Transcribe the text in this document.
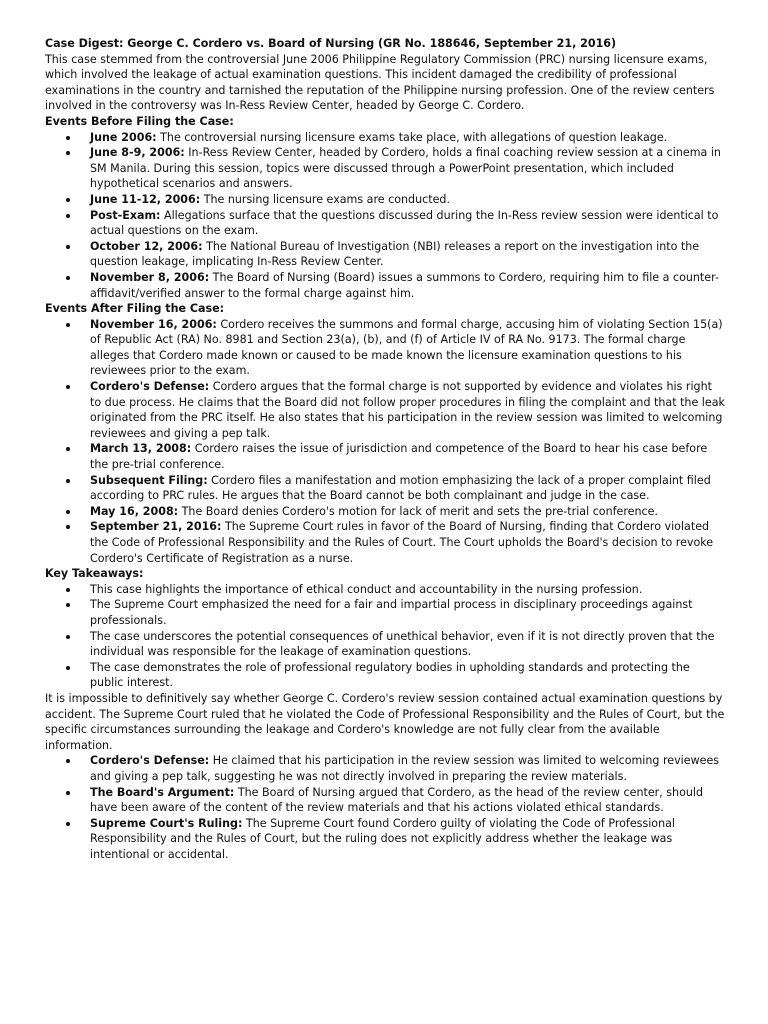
Case Digest: George C. Cordero vs. Board of Nursing (GR No. 188646, September 21, 2016)

This case stemmed from the controversial June 2006 Philippine Regulatory Commission (PRC) nursing licensure exams, which involved the leakage of actual examination questions. This incident damaged the credibility of professional examinations in the country and tarnished the reputation of the Philippine nursing profession. One of the review centers involved in the controversy was In-Ress Review Center, headed by George C. Cordero.

Events Before Filing the Case:

June 2006: The controversial nursing licensure exams take place, with allegations of question leakage.
June 8-9, 2006: In-Ress Review Center, headed by Cordero, holds a final coaching review session at a cinema in SM Manila. During this session, topics were discussed through a PowerPoint presentation, which included hypothetical scenarios and answers.
June 11-12, 2006: The nursing licensure exams are conducted.
Post-Exam: Allegations surface that the questions discussed during the In-Ress review session were identical to actual questions on the exam.
October 12, 2006: The National Bureau of Investigation (NBI) releases a report on the investigation into the question leakage, implicating In-Ress Review Center.
November 8, 2006: The Board of Nursing (Board) issues a summons to Cordero, requiring him to file a counter-affidavit/verified answer to the formal charge against him.

Events After Filing the Case:

November 16, 2006: Cordero receives the summons and formal charge, accusing him of violating Section 15(a) of Republic Act (RA) No. 8981 and Section 23(a), (b), and (f) of Article IV of RA No. 9173. The formal charge alleges that Cordero made known or caused to be made known the licensure examination questions to his reviewees prior to the exam.
Cordero's Defense: Cordero argues that the formal charge is not supported by evidence and violates his right to due process. He claims that the Board did not follow proper procedures in filing the complaint and that the leak originated from the PRC itself. He also states that his participation in the review session was limited to welcoming reviewees and giving a pep talk.
March 13, 2008: Cordero raises the issue of jurisdiction and competence of the Board to hear his case before the pre-trial conference.
Subsequent Filing: Cordero files a manifestation and motion emphasizing the lack of a proper complaint filed according to PRC rules. He argues that the Board cannot be both complainant and judge in the case.
May 16, 2008: The Board denies Cordero's motion for lack of merit and sets the pre-trial conference.
September 21, 2016: The Supreme Court rules in favor of the Board of Nursing, finding that Cordero violated the Code of Professional Responsibility and the Rules of Court. The Court upholds the Board's decision to revoke Cordero's Certificate of Registration as a nurse.

Key Takeaways:

This case highlights the importance of ethical conduct and accountability in the nursing profession.
The Supreme Court emphasized the need for a fair and impartial process in disciplinary proceedings against professionals.
The case underscores the potential consequences of unethical behavior, even if it is not directly proven that the individual was responsible for the leakage of examination questions.
The case demonstrates the role of professional regulatory bodies in upholding standards and protecting the public interest.

It is impossible to definitively say whether George C. Cordero's review session contained actual examination questions by accident. The Supreme Court ruled that he violated the Code of Professional Responsibility and the Rules of Court, but the specific circumstances surrounding the leakage and Cordero's knowledge are not fully clear from the available information.

Cordero's Defense: He claimed that his participation in the review session was limited to welcoming reviewees and giving a pep talk, suggesting he was not directly involved in preparing the review materials.
The Board's Argument: The Board of Nursing argued that Cordero, as the head of the review center, should have been aware of the content of the review materials and that his actions violated ethical standards.
Supreme Court's Ruling: The Supreme Court found Cordero guilty of violating the Code of Professional Responsibility and the Rules of Court, but the ruling does not explicitly address whether the leakage was intentional or accidental.
